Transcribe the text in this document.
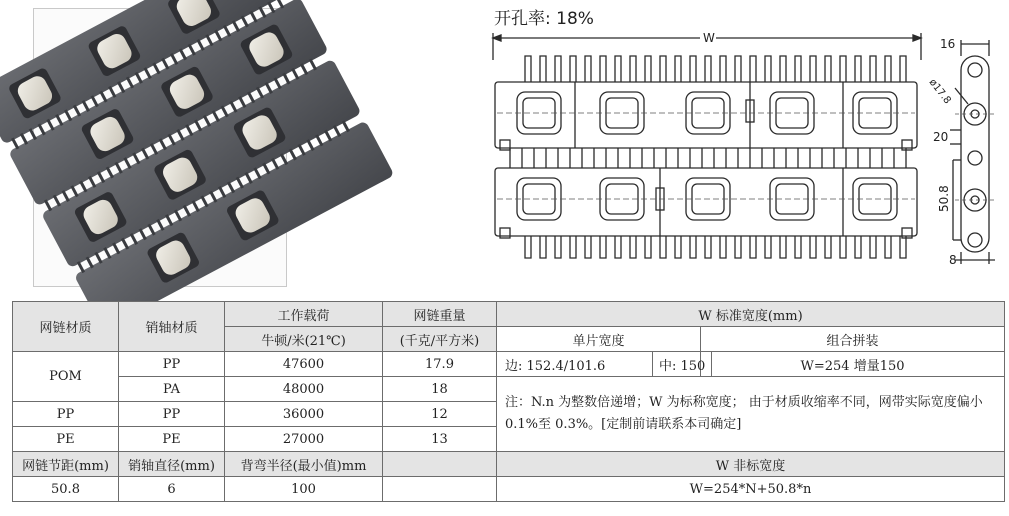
开孔率: 18%
W	16
ø17.8
20
50.8
8
网链材质	销轴材质	工作载荷	网链重量	W 标准宽度(mm)	
		牛顿/米(21℃)	(千克/平方米)	单片宽度	组合拼装
POM	PP	47600	17.9	边: 152.4/101.6 中: 150	W=254 增量150
	PA	48000	18	注：N.n 为整数倍递增；W 为标称宽度； 由于材质收缩率不同，网带实际宽度偏小 0.1%至 0.3%。[定制前请联系本司确定]	
PP	PP	36000	12		
PE	PE	27000	13		
网链节距(mm)	销轴直径(mm)	背弯半径(最小值)mm		W 非标宽度	
50.8	6	100		W=254*N+50.8*n	
